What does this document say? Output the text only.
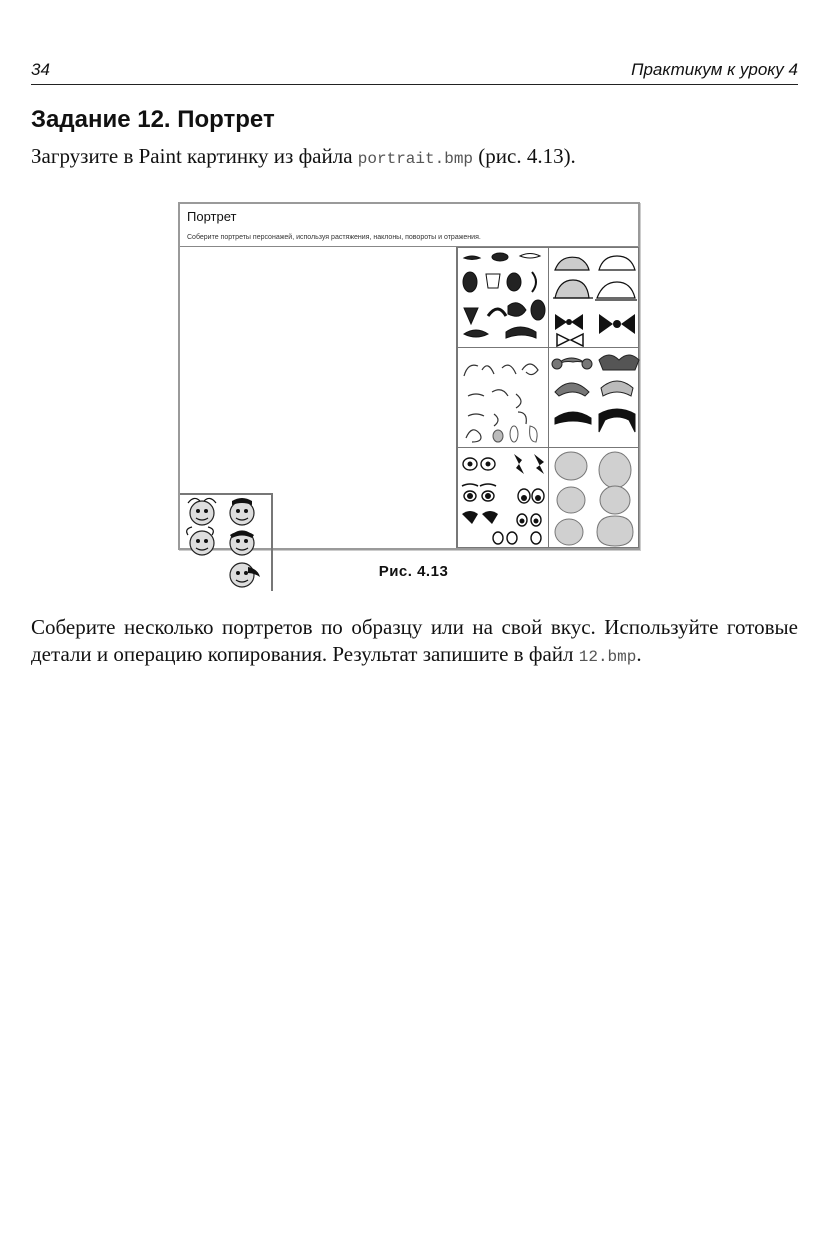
34	Практикум к уроку 4
Задание 12. Портрет

Загрузите в Paint картинку из файла portrait.bmp (рис. 4.13).

Портрет
Соберите портреты персонажей, используя растяжения, наклоны, повороты и отражения.
Рис. 4.13

Соберите несколько портретов по образцу или на свой вкус. Используйте готовые детали и операцию копирования. Результат запишите в файл 12.bmp.
